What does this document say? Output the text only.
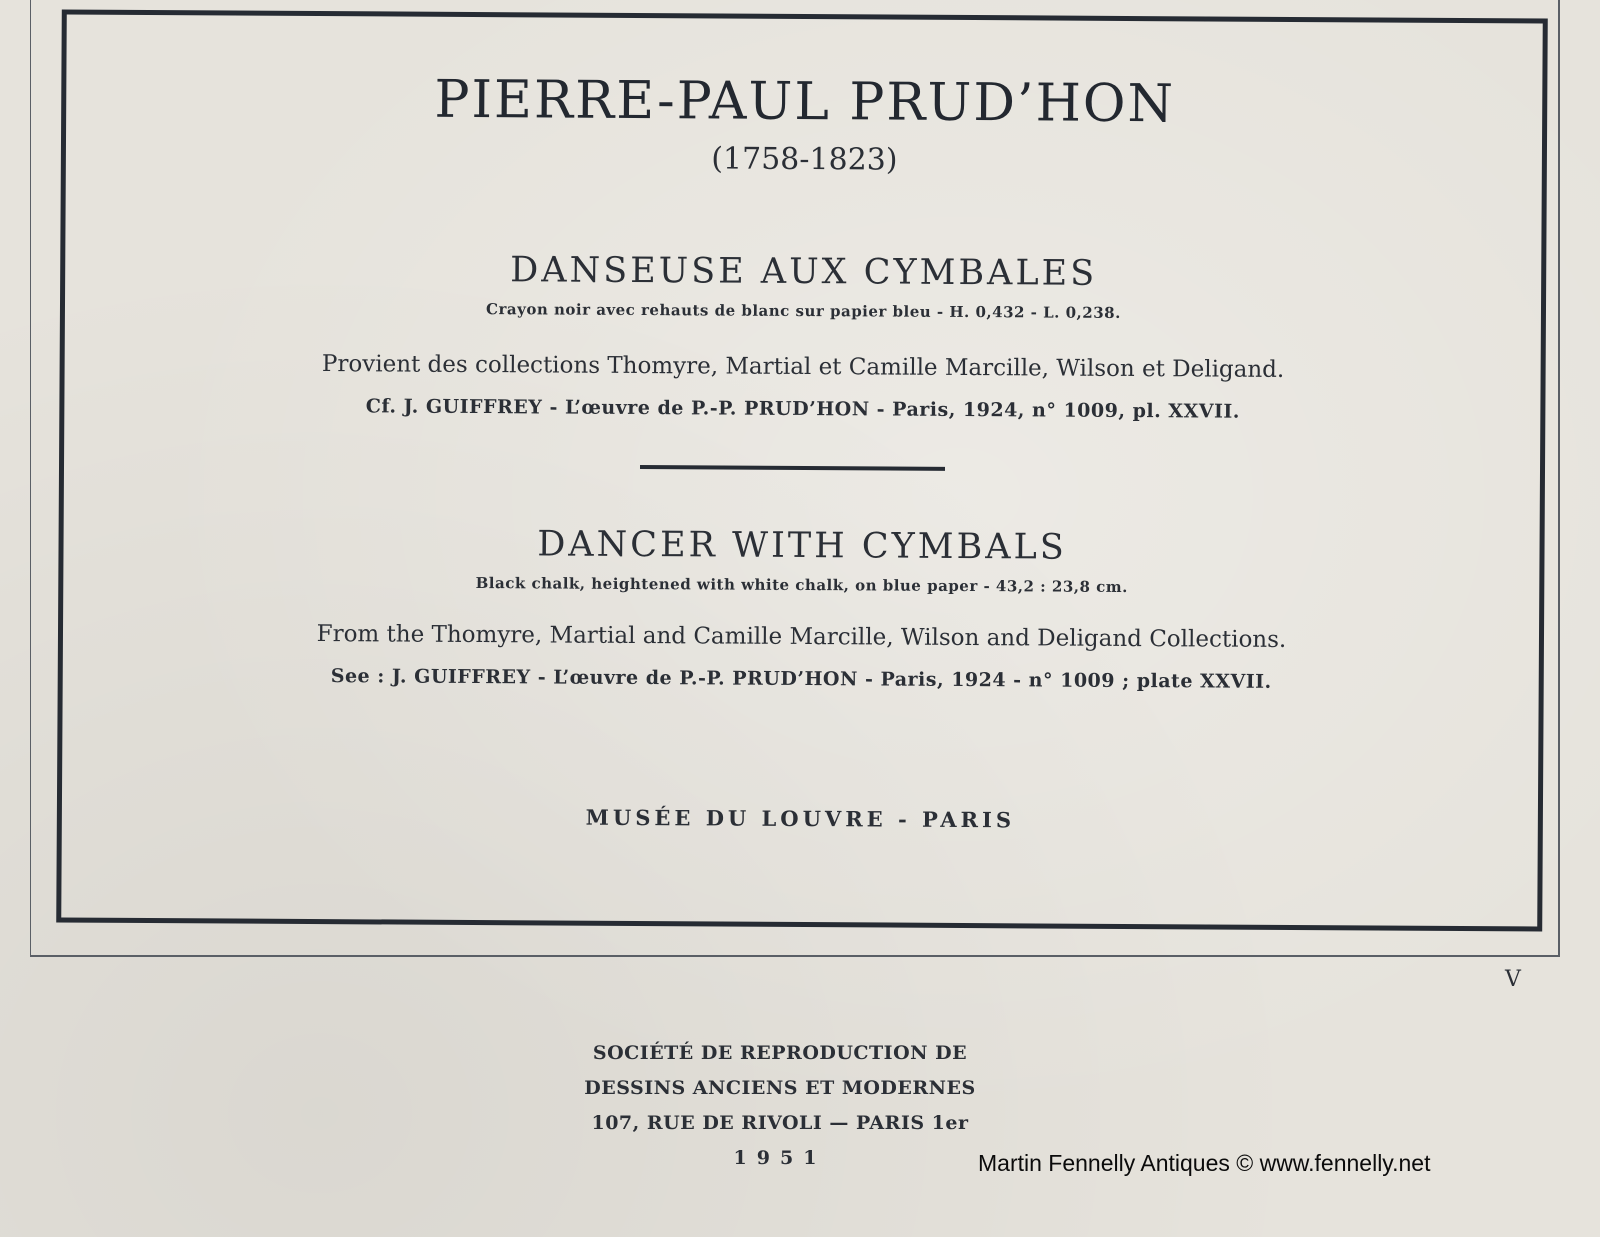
PIERRE-PAUL PRUD’HON
(1758-1823)
DANSEUSE AUX CYMBALES
Crayon noir avec rehauts de blanc sur papier bleu - H. 0,432 - L. 0,238.
Provient des collections Thomyre, Martial et Camille Marcille, Wilson et Deligand.
Cf. J. GUIFFREY - L’œuvre de P.-P. PRUD’HON - Paris, 1924, n° 1009, pl. XXVII.
DANCER WITH CYMBALS
Black chalk, heightened with white chalk, on blue paper - 43,2 : 23,8 cm.
From the Thomyre, Martial and Camille Marcille, Wilson and Deligand Collections.
See : J. GUIFFREY - L’œuvre de P.-P. PRUD’HON - Paris, 1924 - n° 1009 ; plate XXVII.
MUSÉE DU LOUVRE - PARIS
V
SOCIÉTÉ DE REPRODUCTION DE
DESSINS ANCIENS ET MODERNES
107, RUE DE RIVOLI — PARIS 1er
1951	Martin Fennelly Antiques © www.fennelly.net
